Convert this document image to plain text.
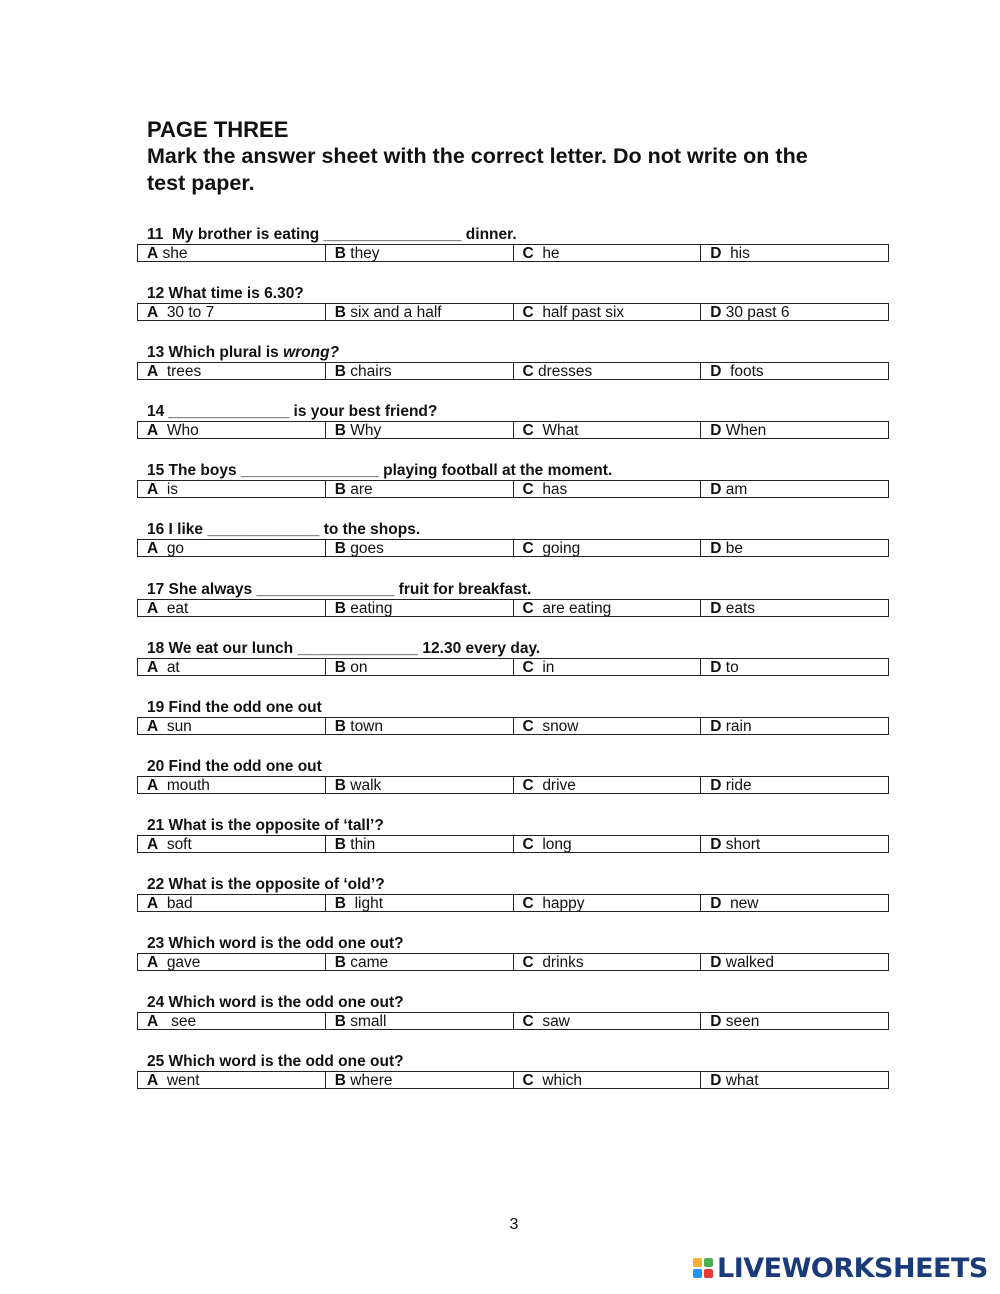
PAGE THREE
Mark the answer sheet with the correct letter. Do not write on the
test paper.
11  My brother is eating ________________ dinner.
A she	B they	C  he	D  his
12 What time is 6.30?
A  30 to 7	B six and a half	C  half past six	D 30 past 6
13 Which plural is wrong?
A  trees	B chairs	C dresses	D  foots
14 ______________ is your best friend?
A  Who	B Why	C  What	D When
15 The boys ________________ playing football at the moment.
A  is	B are	C  has	D am
16 I like _____________ to the shops.
A  go	B goes	C  going	D be
17 She always ________________ fruit for breakfast.
A  eat	B eating	C  are eating	D eats
18 We eat our lunch ______________ 12.30 every day.
A  at	B on	C  in	D to
19 Find the odd one out
A  sun	B town	C  snow	D rain
20 Find the odd one out
A  mouth	B walk	C  drive	D ride
21 What is the opposite of ‘tall’?
A  soft	B thin	C  long	D short
22 What is the opposite of ‘old’?
A  bad	B  light	C  happy	D  new
23 Which word is the odd one out?
A  gave	B came	C  drinks	D walked
24 Which word is the odd one out?
A   see	B small	C  saw	D seen
25 Which word is the odd one out?
A  went	B where	C  which	D what
3
LIVEWORKSHEETS
